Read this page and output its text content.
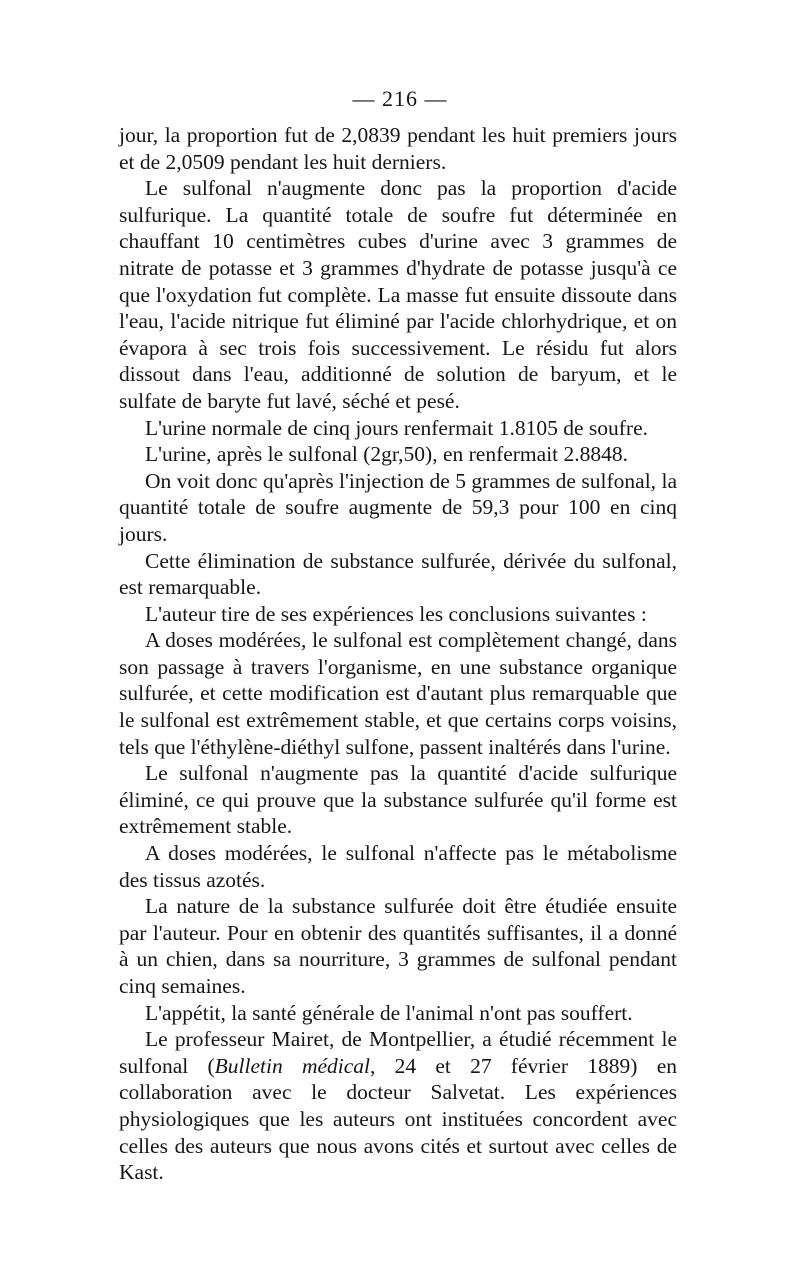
— 216 —

jour, la proportion fut de 2,0839 pendant les huit premiers jours et de 2,0509 pendant les huit derniers.

Le sulfonal n'augmente donc pas la proportion d'acide sulfurique. La quantité totale de soufre fut déterminée en chauffant 10 centimètres cubes d'urine avec 3 grammes de nitrate de potasse et 3 grammes d'hydrate de potasse jusqu'à ce que l'oxydation fut complète. La masse fut ensuite dissoute dans l'eau, l'acide nitrique fut éliminé par l'acide chlorhydrique, et on évapora à sec trois fois successivement. Le résidu fut alors dissout dans l'eau, additionné de solution de baryum, et le sulfate de baryte fut lavé, séché et pesé.

L'urine normale de cinq jours renfermait 1.8105 de soufre.

L'urine, après le sulfonal (2gr,50), en renfermait 2.8848.

On voit donc qu'après l'injection de 5 grammes de sulfonal, la quantité totale de soufre augmente de 59,3 pour 100 en cinq jours.

Cette élimination de substance sulfurée, dérivée du sulfonal, est remarquable.

L'auteur tire de ses expériences les conclusions suivantes :

A doses modérées, le sulfonal est complètement changé, dans son passage à travers l'organisme, en une substance organique sulfurée, et cette modification est d'autant plus remarquable que le sulfonal est extrêmement stable, et que certains corps voisins, tels que l'éthylène-diéthyl sulfone, passent inaltérés dans l'urine.

Le sulfonal n'augmente pas la quantité d'acide sulfurique éliminé, ce qui prouve que la substance sulfurée qu'il forme est extrêmement stable.

A doses modérées, le sulfonal n'affecte pas le métabolisme des tissus azotés.

La nature de la substance sulfurée doit être étudiée ensuite par l'auteur. Pour en obtenir des quantités suffisantes, il a donné à un chien, dans sa nourriture, 3 grammes de sulfonal pendant cinq semaines.

L'appétit, la santé générale de l'animal n'ont pas souffert.

Le professeur Mairet, de Montpellier, a étudié récemment le sulfonal (Bulletin médical, 24 et 27 février 1889) en collaboration avec le docteur Salvetat. Les expériences physiologiques que les auteurs ont instituées concordent avec celles des auteurs que nous avons cités et surtout avec celles de Kast.
